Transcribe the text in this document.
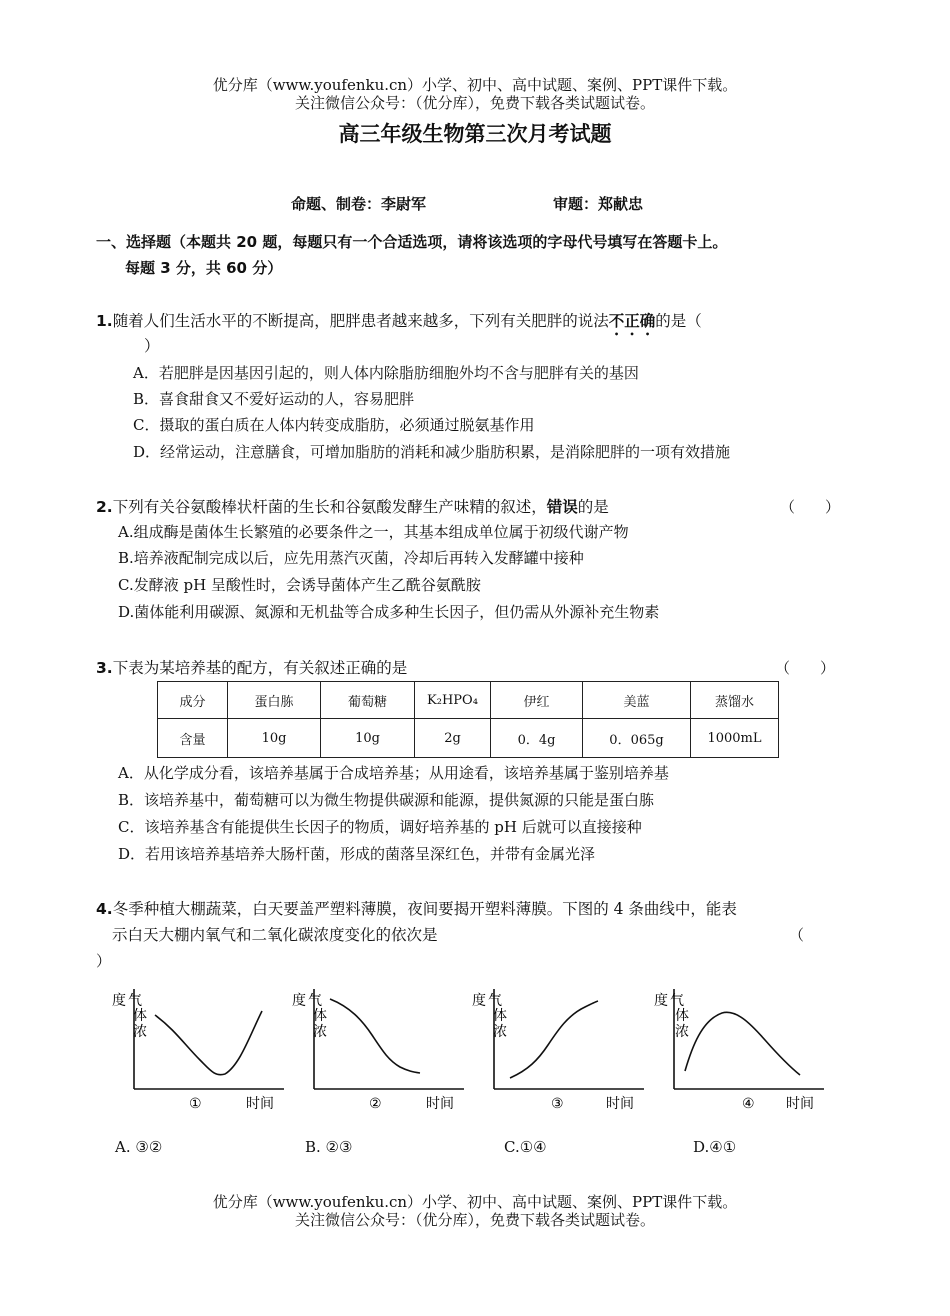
优分库（www.youfenku.cn）小学、初中、高中试题、案例、PPT课件下载。
关注微信公众号：（优分库），免费下载各类试题试卷。
高三年级生物第三次月考试题
命题、制卷：李尉军	审题：郑献忠
一、选择题（本题共 20 题，每题只有一个合适选项，请将该选项的字母代号填写在答题卡上。
每题 3 分，共 60 分）
1.随着人们生活水平的不断提高，肥胖患者越来越多，下列有关肥胖的说法不正确的是（
）
A．若肥胖是因基因引起的，则人体内除脂肪细胞外均不含与肥胖有关的基因
B．喜食甜食又不爱好运动的人，容易肥胖
C．摄取的蛋白质在人体内转变成脂肪，必须通过脱氨基作用
D．经常运动，注意膳食，可增加脂肪的消耗和减少脂肪积累，是消除肥胖的一项有效措施
2.下列有关谷氨酸棒状杆菌的生长和谷氨酸发酵生产味精的叙述，错误的是	（　　）
A.组成酶是菌体生长繁殖的必要条件之一，其基本组成单位属于初级代谢产物
B.培养液配制完成以后，应先用蒸汽灭菌，冷却后再转入发酵罐中接种
C.发酵液 pH 呈酸性时，会诱导菌体产生乙酰谷氨酰胺
D.菌体能利用碳源、氮源和无机盐等合成多种生长因子，但仍需从外源补充生物素
3.下表为某培养基的配方，有关叙述正确的是	（　　）
成分	蛋白胨	葡萄糖	K₂HPO₄	伊红	美蓝	蒸馏水
含量	10g	10g	2g	0．4g	0．065g	1000mL
A．从化学成分看，该培养基属于合成培养基；从用途看，该培养基属于鉴别培养基
B．该培养基中，葡萄糖可以为微生物提供碳源和能源，提供氮源的只能是蛋白胨
C．该培养基含有能提供生长因子的物质，调好培养基的 pH 后就可以直接接种
D．若用该培养基培养大肠杆菌，形成的菌落呈深红色，并带有金属光泽
4.冬季种植大棚蔬菜，白天要盖严塑料薄膜，夜间要揭开塑料薄膜。下图的 4 条曲线中，能表
示白天大棚内氧气和二氧化碳浓度变化的依次是	（
）
度 气
体
浓
①	时间
度 气
体
浓
②	时间
度 气
体
浓
③	时间
度 气
体
浓
④ 时间
A. ③②	B. ②③	C.①④	D.④①
优分库（www.youfenku.cn）小学、初中、高中试题、案例、PPT课件下载。
关注微信公众号：（优分库），免费下载各类试题试卷。
